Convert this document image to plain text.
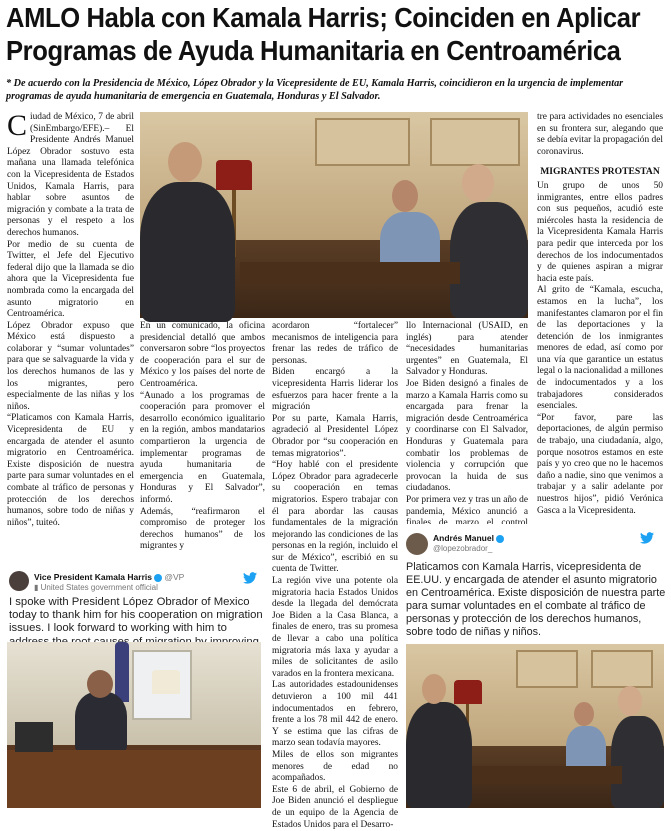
AMLO Habla con Kamala Harris; Coinciden en Aplicar
Programas de Ayuda Humanitaria en Centroamérica
* De acuerdo con la Presidencia de México, López Obrador y la Vicepresidente de EU, Kamala Harris, coincidieron en la urgencia de implementar programas de ayuda humanitaria de emergencia en Guatemala, Honduras y El Salvador.

Ciudad de México, 7 de abril (SinEmbargo/EFE).– El Presidente Andrés Manuel López Obrador sostuvo esta mañana una llamada telefónica con la Vicepresidenta de Estados Unidos, Kamala Harris, para hablar sobre asuntos de migración y combate a la trata de personas y el respeto a los derechos humanos.

Por medio de su cuenta de Twitter, el Jefe del Ejecutivo federal dijo que la llamada se dio ahora que la Vicepresidenta fue nombrada como la encargada del asunto migratorio en Centroamérica.

López Obrador expuso que México está dispuesto a colaborar y “sumar voluntades” para que se salvaguarde la vida y los derechos humanos de las y los migrantes, pero especialmente de las niñas y los niños.

“Platicamos con Kamala Harris, Vicepresidenta de EU y encargada de atender el asunto migratorio en Centroamérica. Existe disposición de nuestra parte para sumar voluntades en el combate al tráfico de personas y protección de los derechos humanos, sobre todo de niñas y niños”, tuiteó.

En un comunicado, la oficina presidencial detalló que ambos conversaron sobre “los proyectos de cooperación para el sur de México y los países del norte de Centroamérica.

“Aunado a los programas de cooperación para promover el desarrollo económico igualitario en la región, ambos mandatarios compartieron la urgencia de implementar programas de ayuda humanitaria de emergencia en Guatemala, Honduras y El Salvador”, informó.

Además, “reafirmaron el compromiso de proteger los derechos humanos” de los migrantes y

acordaron “fortalecer” mecanismos de inteligencia para frenar las redes de tráfico de personas.

Biden encargó a la vicepresidenta Harris liderar los esfuerzos para hacer frente a la migración

Por su parte, Kamala Harris, agradeció al Presidentel López Obrador por “su cooperación en temas migratorios”.

“Hoy hablé con el presidente López Obrador para agradecerle su cooperación en temas migratorios. Espero trabajar con él para abordar las causas fundamentales de la migración mejorando las condiciones de las personas en la región, incluido el sur de México”, escribió en su cuenta de Twitter.

La región vive una potente ola migratoria hacia Estados Unidos desde la llegada del demócrata Joe Biden a la Casa Blanca, a finales de enero, tras su promesa de llevar a cabo una política migratoria más laxa y ayudar a miles de solicitantes de asilo varados en la frontera mexicana.

Las autoridades estadounidenses detuvieron a 100 mil 441 indocumentados en febrero, frente a los 78 mil 442 de enero. Y se estima que las cifras de marzo sean todavía mayores.

Miles de ellos son migrantes menores de edad no acompañados.

Este 6 de abril, el Gobierno de Joe Biden anunció el despliegue de un equipo de la Agencia de Estados Unidos para el Desarro-

llo Internacional (USAID, en inglés) para atender “necesidades humanitarias urgentes” en Guatemala, El Salvador y Honduras.

Joe Biden designó a finales de marzo a Kamala Harris como su encargada para frenar la migración desde Centroamérica y coordinarse con El Salvador, Honduras y Guatemala para combatir los problemas de violencia y corrupción que provocan la huida de sus ciudadanos.

Por primera vez y tras un año de pandemia, México anunció a

tre para actividades no esenciales en su frontera sur, alegando que se debía evitar la propagación del coronavirus.

MIGRANTES PROTESTAN

Un grupo de unos 50 inmigrantes, entre ellos padres con sus pequeños, acudió este miércoles hasta la residencia de la Vicepresidenta Kamala Harris para pedir que interceda por los derechos de los indocumentados y de quienes aspiran a migrar hacia este país.

Al grito de “Kamala, escucha, estamos en la lucha”, los manifestantes clamaron por el fin de las deportaciones y la detención de los inmigrantes menores de edad, así como por una vía que garantice un estatus legal o la nacionalidad a millones de indocumentados y a los trabajadores considerados esenciales.

“Por favor, pare las deportaciones, de algún permiso de trabajo, una ciudadanía, algo, porque nosotros estamos en este país y yo creo que no le hacemos daño a nadie, sino que venimos a trabajar y a salir adelante por nuestros hijos”, pidió Verónica Gasca a la Vicepresidenta.

Vice President Kamala Harris @VP
▮ United States government official
I spoke with President López Obrador of Mexico today to thank him for his cooperation on migration issues. I look forward to working with him to
Andrés Manuel
@lopezobrador_
Platicamos con Kamala Harris, vicepresidenta de EE.UU. y encargada de atender el asunto migratorio en Centroamérica. Existe disposición de nuestra parte para sumar voluntades en el combate al tráfico de personas y protección de los derechos humanos, sobre todo de niñas y niños.
